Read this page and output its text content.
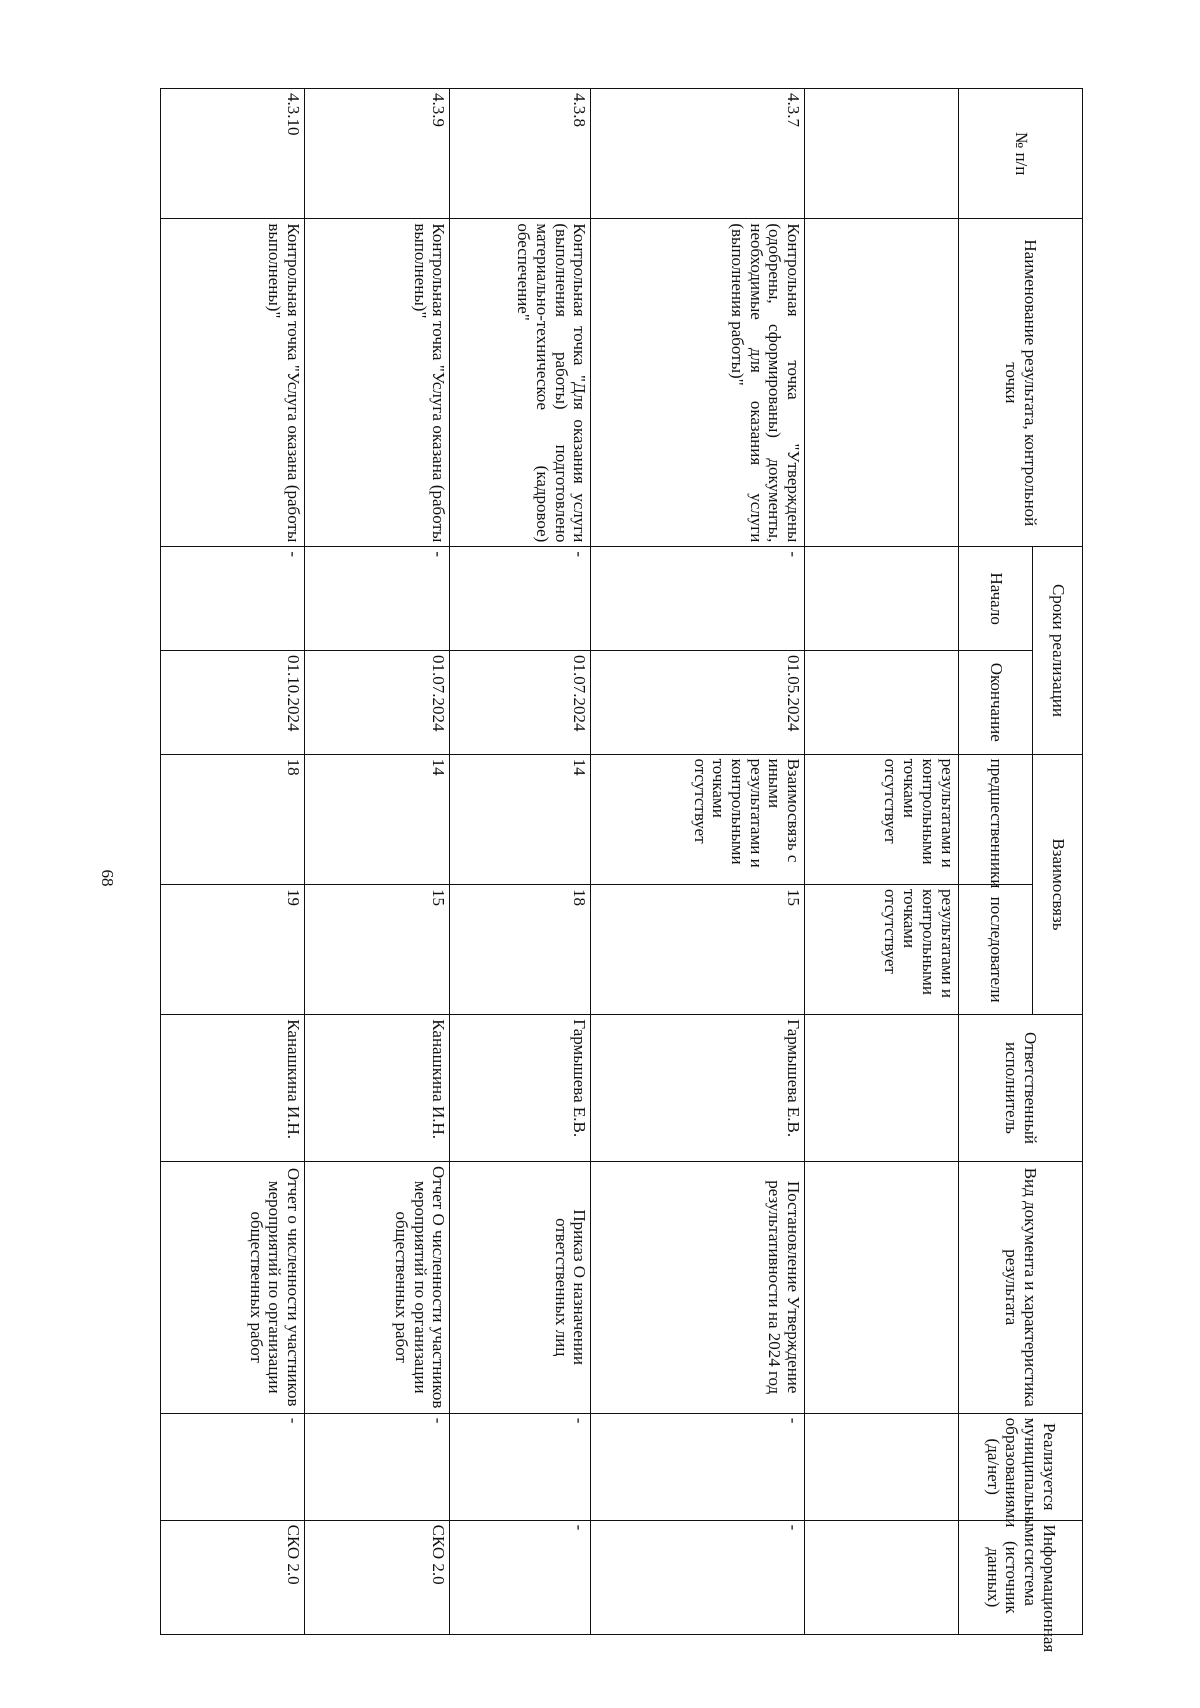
68
№ п/п	Наименование результата, контрольной точки	Сроки реализации		Взаимосвязь		Ответственный исполнитель	Вид документа и характеристика результата	Реализуется муниципальными образованиями (да/нет)	Информационная система (источник данных)
		Начало	Окончание	предшественники	последователи				
				результатами и контрольными точками отсутствует	результатами и контрольными точками отсутствует				
4.3.7	Контрольная точка "Утверждены (одобрены, сформированы) документы, необходимые для оказания услуги (выполнения работы)"	-	01.05.2024	Взаимосвязь с иными результатами и контрольными точками отсутствует	15	Гармышева Е.В.	Постановление Утверждение результативности на 2024 год	-	-
4.3.8	Контрольная точка "Для оказания услуги (выполнения работы) подготовлено материально-техническое (кадровое) обеспечение"	-	01.07.2024	14	18	Гармышева Е.В.	Приказ О назначении ответственных лиц	-	-
4.3.9	Контрольная точка "Услуга оказана (работы выполнены)"	-	01.07.2024	14	15	Канашкина И.Н.	Отчет О численности участников мероприятий по организации общественных работ	-	СКО 2.0
4.3.10	Контрольная точка "Услуга оказана (работы выполнены)"	-	01.10.2024	18	19	Канашкина И.Н.	Отчет о численности участников мероприятий по организации общественных работ	-	СКО 2.0
